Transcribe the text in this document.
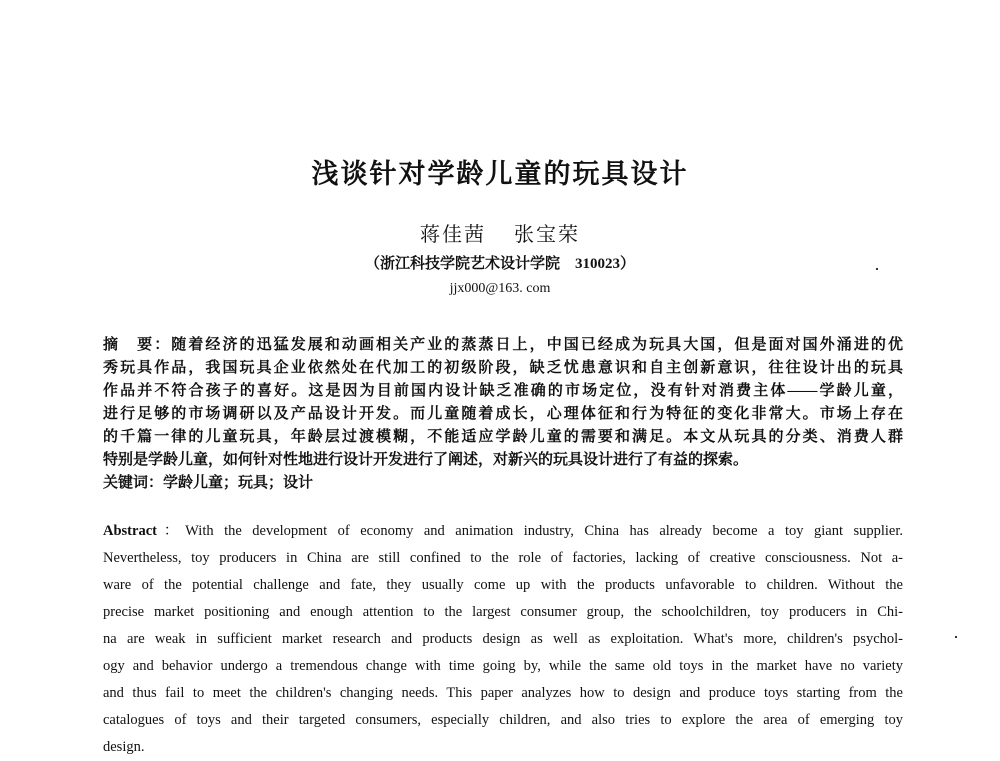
浅谈针对学龄儿童的玩具设计
蒋佳茜 张宝荣
（浙江科技学院艺术设计学院　310023）
jjx000@163. com
摘　要：随着经济的迅猛发展和动画相关产业的蒸蒸日上，中国已经成为玩具大国，但是面对国外涌进的优
秀玩具作品，我国玩具企业依然处在代加工的初级阶段，缺乏忧患意识和自主创新意识，往往设计出的玩具
作品并不符合孩子的喜好。这是因为目前国内设计缺乏准确的市场定位，没有针对消费主体——学龄儿童，
进行足够的市场调研以及产品设计开发。而儿童随着成长，心理体征和行为特征的变化非常大。市场上存在
的千篇一律的儿童玩具，年龄层过渡模糊，不能适应学龄儿童的需要和满足。本文从玩具的分类、消费人群
特别是学龄儿童，如何针对性地进行设计开发进行了阐述，对新兴的玩具设计进行了有益的探索。
关键词：学龄儿童；玩具；设计
Abstract：With the development of economy and animation industry, China has already become a toy giant supplier.
Nevertheless, toy producers in China are still confined to the role of factories, lacking of creative consciousness. Not a-
ware of the potential challenge and fate, they usually come up with the products unfavorable to children. Without the
precise market positioning and enough attention to the largest consumer group, the schoolchildren, toy producers in Chi-
na are weak in sufficient market research and products design as well as exploitation. What's more, children's psychol-
ogy and behavior undergo a tremendous change with time going by, while the same old toys in the market have no variety
and thus fail to meet the children's changing needs. This paper analyzes how to design and produce toys starting from the
catalogues of toys and their targeted consumers, especially children, and also tries to explore the area of emerging toy
design.
